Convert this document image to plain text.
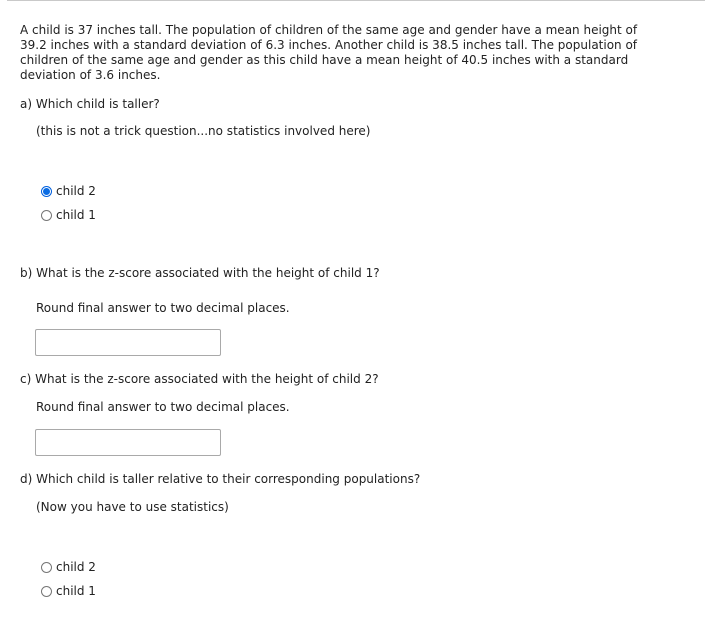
A child is 37 inches tall. The population of children of the same age and gender have a mean height of 39.2 inches with a standard deviation of 6.3 inches. Another child is 38.5 inches tall. The population of children of the same age and gender as this child have a mean height of 40.5 inches with a standard deviation of 3.6 inches.

a) Which child is taller?

(this is not a trick question...no statistics involved here)

child 2
child 1

b) What is the z-score associated with the height of child 1?

Round final answer to two decimal places.

c) What is the z-score associated with the height of child 2?

Round final answer to two decimal places.

d) Which child is taller relative to their corresponding populations?

(Now you have to use statistics)

child 2
child 1
